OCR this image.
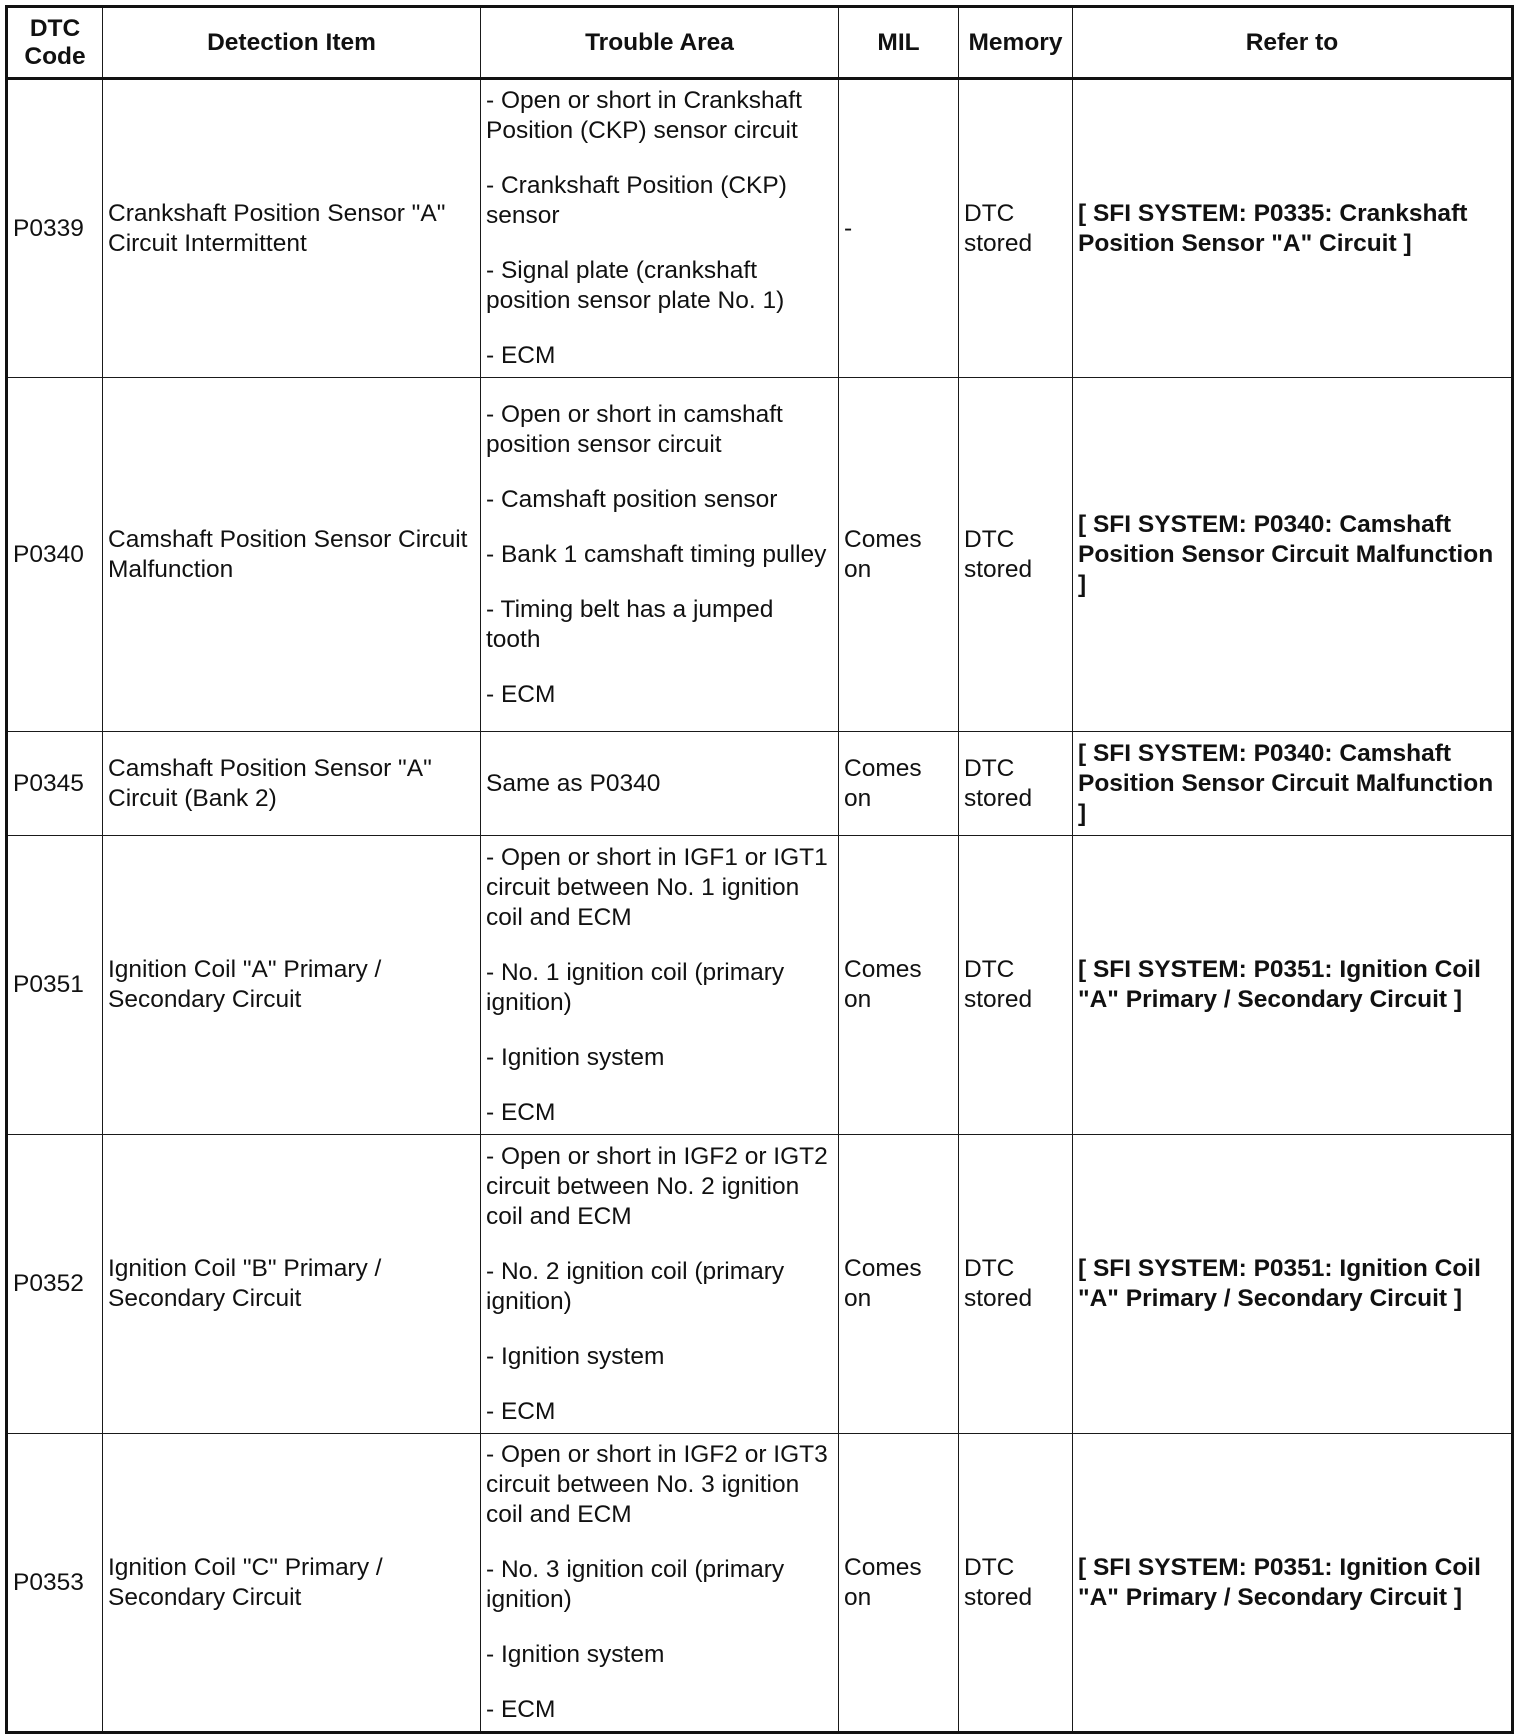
DTC Code	Detection Item	Trouble Area	MIL	Memory	Refer to
P0339	Crankshaft Position Sensor "A" Circuit Intermittent	- Open or short in Crankshaft Position (CKP) sensor circuit
- Crankshaft Position (CKP) sensor
- Signal plate (crankshaft position sensor plate No. 1)
- ECM	-	DTC stored	[ SFI SYSTEM: P0335: Crankshaft Position Sensor "A" Circuit ]
P0340	Camshaft Position Sensor Circuit Malfunction	- Open or short in camshaft position sensor circuit
- Camshaft position sensor
- Bank 1 camshaft timing pulley
- Timing belt has a jumped tooth
- ECM	Comes on	DTC stored	[ SFI SYSTEM: P0340: Camshaft Position Sensor Circuit Malfunction ]
P0345	Camshaft Position Sensor "A" Circuit (Bank 2)	Same as P0340	Comes on	DTC stored	[ SFI SYSTEM: P0340: Camshaft Position Sensor Circuit Malfunction ]
P0351	Ignition Coil "A" Primary / Secondary Circuit	- Open or short in IGF1 or IGT1 circuit between No. 1 ignition coil and ECM
- No. 1 ignition coil (primary ignition)
- Ignition system
- ECM	Comes on	DTC stored	[ SFI SYSTEM: P0351: Ignition Coil "A" Primary / Secondary Circuit ]
P0352	Ignition Coil "B" Primary / Secondary Circuit	- Open or short in IGF2 or IGT2 circuit between No. 2 ignition coil and ECM
- No. 2 ignition coil (primary ignition)
- Ignition system
- ECM	Comes on	DTC stored	[ SFI SYSTEM: P0351: Ignition Coil "A" Primary / Secondary Circuit ]
P0353	Ignition Coil "C" Primary / Secondary Circuit	- Open or short in IGF2 or IGT3 circuit between No. 3 ignition coil and ECM
- No. 3 ignition coil (primary ignition)
- Ignition system
- ECM	Comes on	DTC stored	[ SFI SYSTEM: P0351: Ignition Coil "A" Primary / Secondary Circuit ]
